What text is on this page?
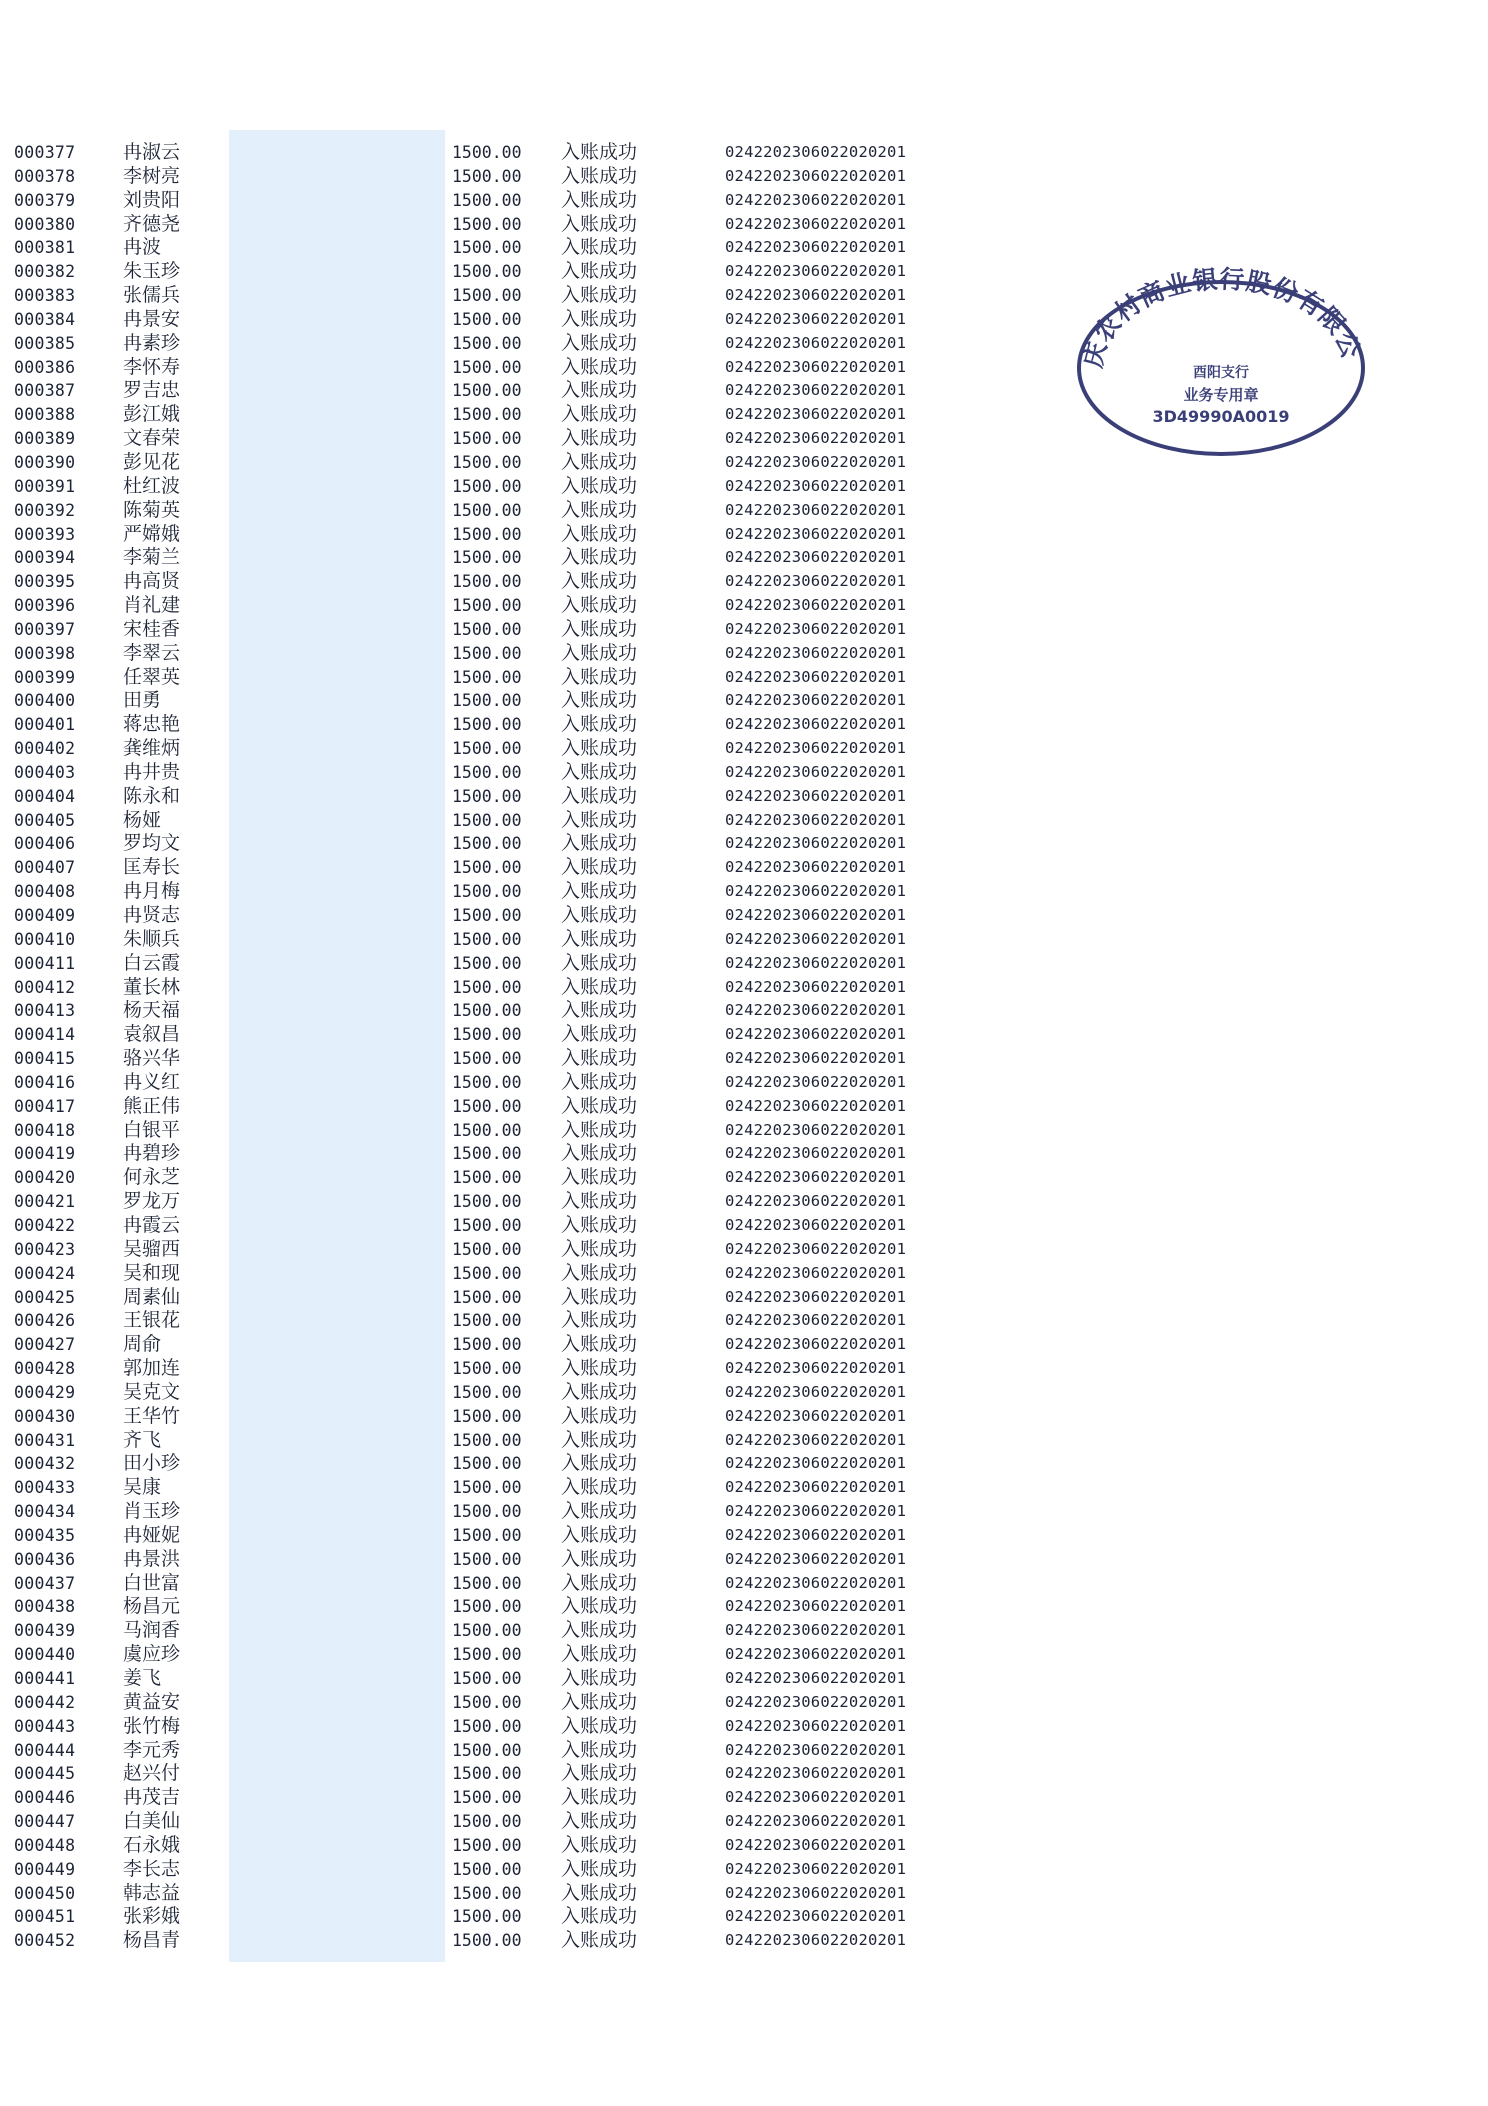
000377	冉淑云	1500.00 入账成功	0242202306022020201
000378	李树亮	1500.00 入账成功	0242202306022020201
000379	刘贵阳	1500.00 入账成功	0242202306022020201
000380	齐德尧	1500.00 入账成功	0242202306022020201
000381	冉波	1500.00 入账成功	0242202306022020201
000382	朱玉珍	1500.00 入账成功	0242202306022020201
000383	张儒兵	1500.00 入账成功	0242202306022020201
000384	冉景安	1500.00 入账成功	0242202306022020201
000385	冉素珍	1500.00 入账成功	0242202306022020201
000386	李怀寿	1500.00 入账成功	0242202306022020201
000387	罗吉忠	1500.00 入账成功	0242202306022020201
000388	彭江娥	1500.00 入账成功	0242202306022020201
000389	文春荣	1500.00 入账成功	0242202306022020201
000390	彭见花	1500.00 入账成功	0242202306022020201
000391	杜红波	1500.00 入账成功	0242202306022020201
000392	陈菊英	1500.00 入账成功	0242202306022020201
000393	严嫦娥	1500.00 入账成功	0242202306022020201
000394	李菊兰	1500.00 入账成功	0242202306022020201
000395	冉高贤	1500.00 入账成功	0242202306022020201
000396	肖礼建	1500.00 入账成功	0242202306022020201
000397	宋桂香	1500.00 入账成功	0242202306022020201
000398	李翠云	1500.00 入账成功	0242202306022020201
000399	任翠英	1500.00 入账成功	0242202306022020201
000400	田勇	1500.00 入账成功	0242202306022020201
000401	蒋忠艳	1500.00 入账成功	0242202306022020201
000402	龚维炳	1500.00 入账成功	0242202306022020201
000403	冉井贵	1500.00 入账成功	0242202306022020201
000404	陈永和	1500.00 入账成功	0242202306022020201
000405	杨娅	1500.00 入账成功	0242202306022020201
000406	罗均文	1500.00 入账成功	0242202306022020201
000407	匡寿长	1500.00 入账成功	0242202306022020201
000408	冉月梅	1500.00 入账成功	0242202306022020201
000409	冉贤志	1500.00 入账成功	0242202306022020201
000410	朱顺兵	1500.00 入账成功	0242202306022020201
000411	白云霞	1500.00 入账成功	0242202306022020201
000412	董长林	1500.00 入账成功	0242202306022020201
000413	杨天福	1500.00 入账成功	0242202306022020201
000414	袁叙昌	1500.00 入账成功	0242202306022020201
000415	骆兴华	1500.00 入账成功	0242202306022020201
000416	冉义红	1500.00 入账成功	0242202306022020201
000417	熊正伟	1500.00 入账成功	0242202306022020201
000418	白银平	1500.00 入账成功	0242202306022020201
000419	冉碧珍	1500.00 入账成功	0242202306022020201
000420	何永芝	1500.00 入账成功	0242202306022020201
000421	罗龙万	1500.00 入账成功	0242202306022020201
000422	冉霞云	1500.00 入账成功	0242202306022020201
000423	吴骝西	1500.00 入账成功	0242202306022020201
000424	吴和现	1500.00 入账成功	0242202306022020201
000425	周素仙	1500.00 入账成功	0242202306022020201
000426	王银花	1500.00 入账成功	0242202306022020201
000427	周俞	1500.00 入账成功	0242202306022020201
000428	郭加连	1500.00 入账成功	0242202306022020201
000429	吴克文	1500.00 入账成功	0242202306022020201
000430	王华竹	1500.00 入账成功	0242202306022020201
000431	齐飞	1500.00 入账成功	0242202306022020201
000432	田小珍	1500.00 入账成功	0242202306022020201
000433	吴康	1500.00 入账成功	0242202306022020201
000434	肖玉珍	1500.00 入账成功	0242202306022020201
000435	冉娅妮	1500.00 入账成功	0242202306022020201
000436	冉景洪	1500.00 入账成功	0242202306022020201
000437	白世富	1500.00 入账成功	0242202306022020201
000438	杨昌元	1500.00 入账成功	0242202306022020201
000439	马润香	1500.00 入账成功	0242202306022020201
000440	虞应珍	1500.00 入账成功	0242202306022020201
000441	姜飞	1500.00 入账成功	0242202306022020201
000442	黄益安	1500.00 入账成功	0242202306022020201
000443	张竹梅	1500.00 入账成功	0242202306022020201
000444	李元秀	1500.00 入账成功	0242202306022020201
000445	赵兴付	1500.00 入账成功	0242202306022020201
000446	冉茂吉	1500.00 入账成功	0242202306022020201
000447	白美仙	1500.00 入账成功	0242202306022020201
000448	石永娥	1500.00 入账成功	0242202306022020201
000449	李长志	1500.00 入账成功	0242202306022020201
000450	韩志益	1500.00 入账成功	0242202306022020201
000451	张彩娥	1500.00 入账成功	0242202306022020201
000452	杨昌青	1500.00 入账成功	0242202306022020201
庆农村商业银行股份有限公
酉阳支行
业务专用章
3D49990A0019
